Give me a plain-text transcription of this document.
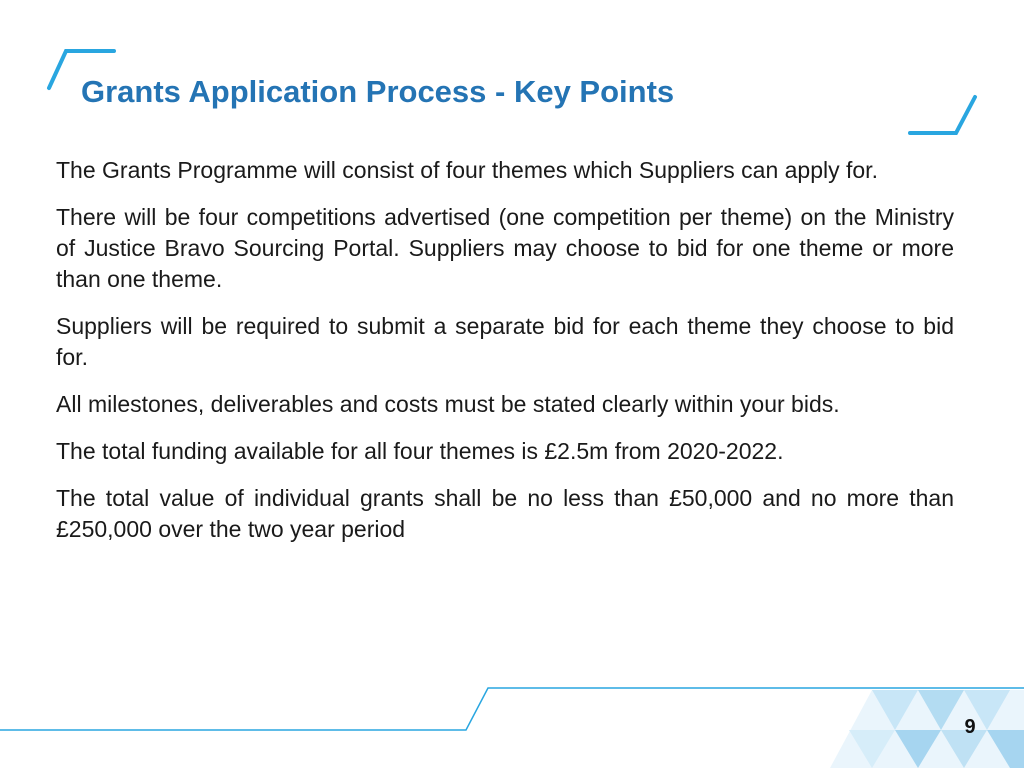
Grants Application Process - Key Points

The Grants Programme will consist of four themes which Suppliers can apply for.

There will be four competitions advertised (one competition per theme) on the Ministry of Justice Bravo Sourcing Portal. Suppliers may choose to bid for one theme or more than one theme.

Suppliers will be required to submit a separate bid for each theme they choose to bid for.

All milestones, deliverables and costs must be stated clearly within your bids.

The total funding available for all four themes is £2.5m from 2020-2022.

The total value of individual grants shall be no less than £50,000 and no more than £250,000 over the two year period

9
